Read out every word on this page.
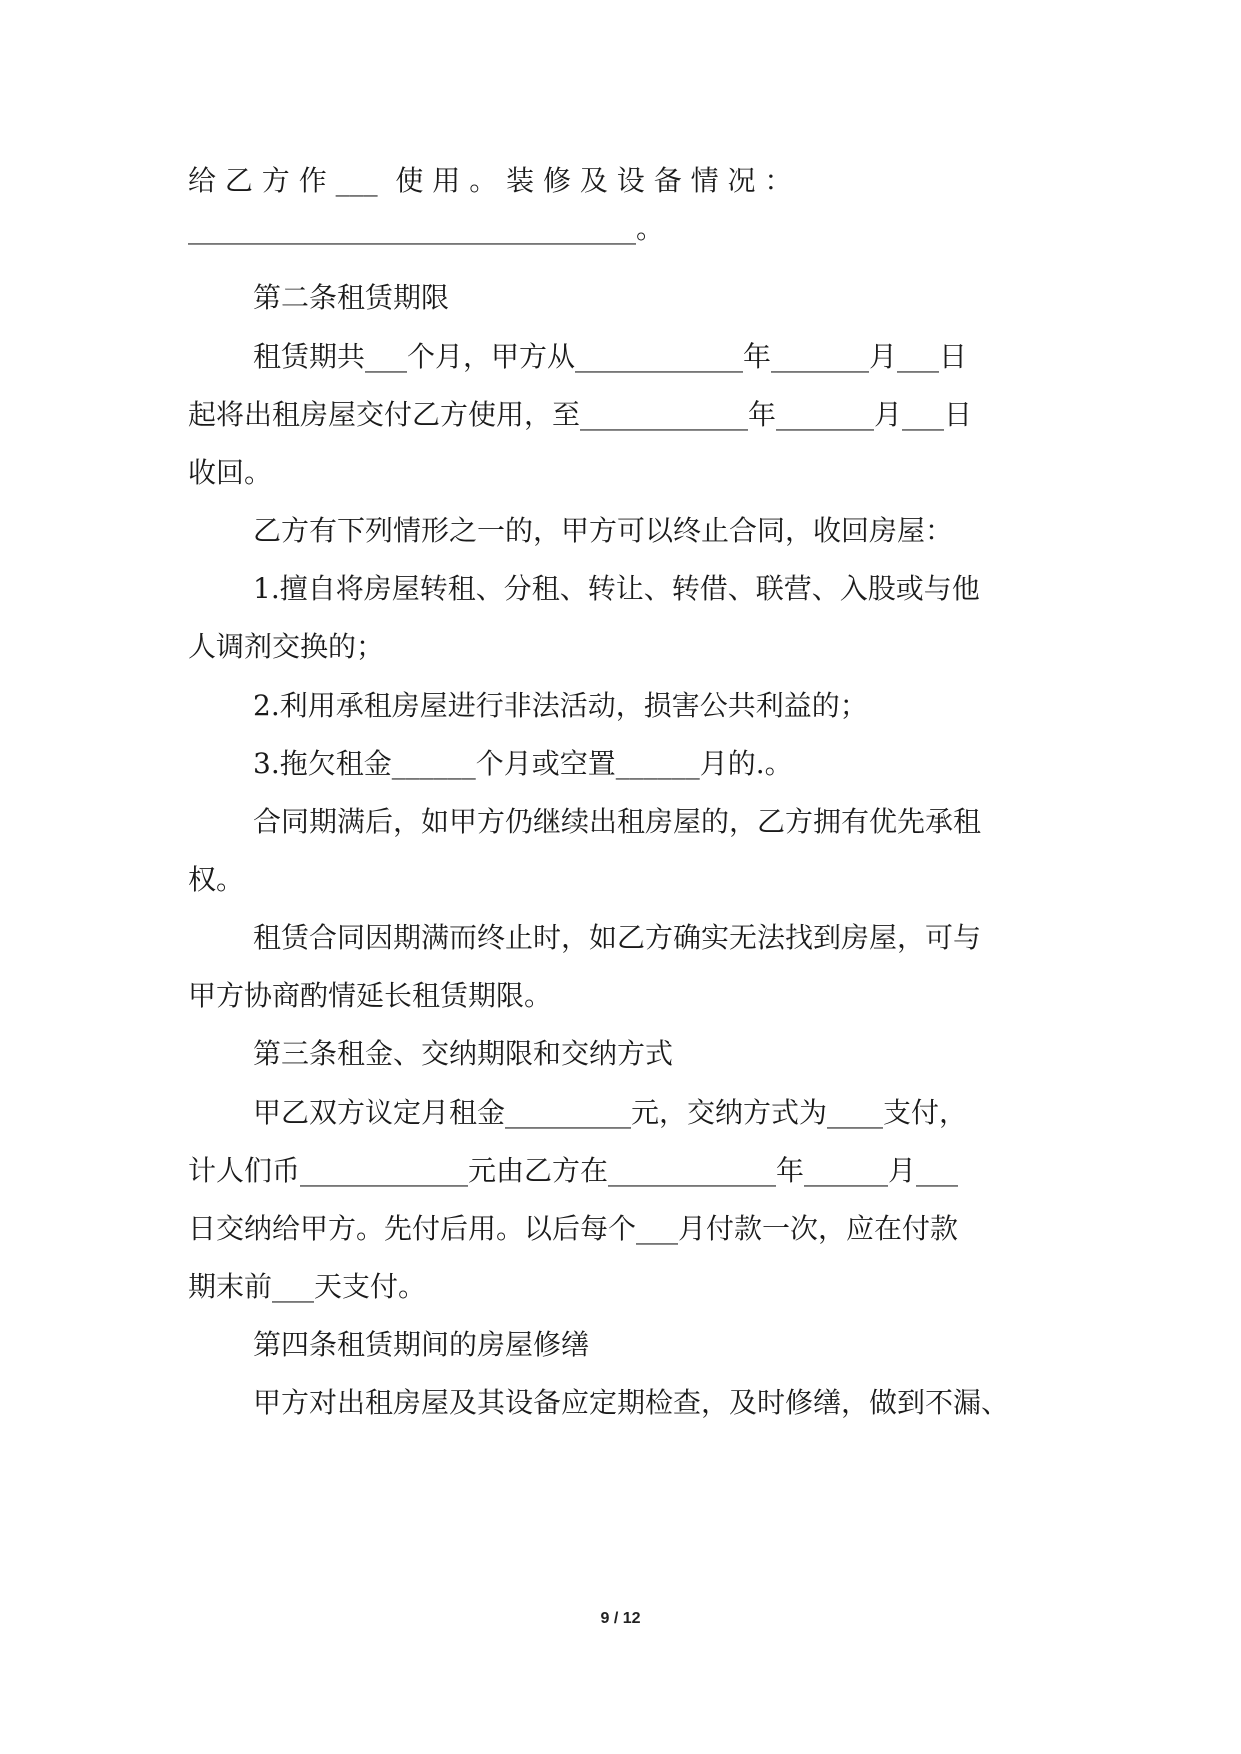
给 乙 方 作 ___  使 用 。 装 修 及 设 备 情 况 ：
________________________________。
第二条租赁期限
租赁期共___个月，甲方从____________年_______月___日
起将出租房屋交付乙方使用，至____________年_______月___日
收回。
乙方有下列情形之一的，甲方可以终止合同，收回房屋：
1.擅自将房屋转租、分租、转让、转借、联营、入股或与他
人调剂交换的；
2.利用承租房屋进行非法活动，损害公共利益的；
3.拖欠租金______个月或空置______月的.。
合同期满后，如甲方仍继续出租房屋的，乙方拥有优先承租
权。
租赁合同因期满而终止时，如乙方确实无法找到房屋，可与
甲方协商酌情延长租赁期限。
第三条租金、交纳期限和交纳方式
甲乙双方议定月租金_________元，交纳方式为____支付，
计人们币____________元由乙方在____________年______月___
日交纳给甲方。先付后用。以后每个___月付款一次，应在付款
期末前___天支付。
第四条租赁期间的房屋修缮
甲方对出租房屋及其设备应定期检查，及时修缮，做到不漏、
9 / 12
